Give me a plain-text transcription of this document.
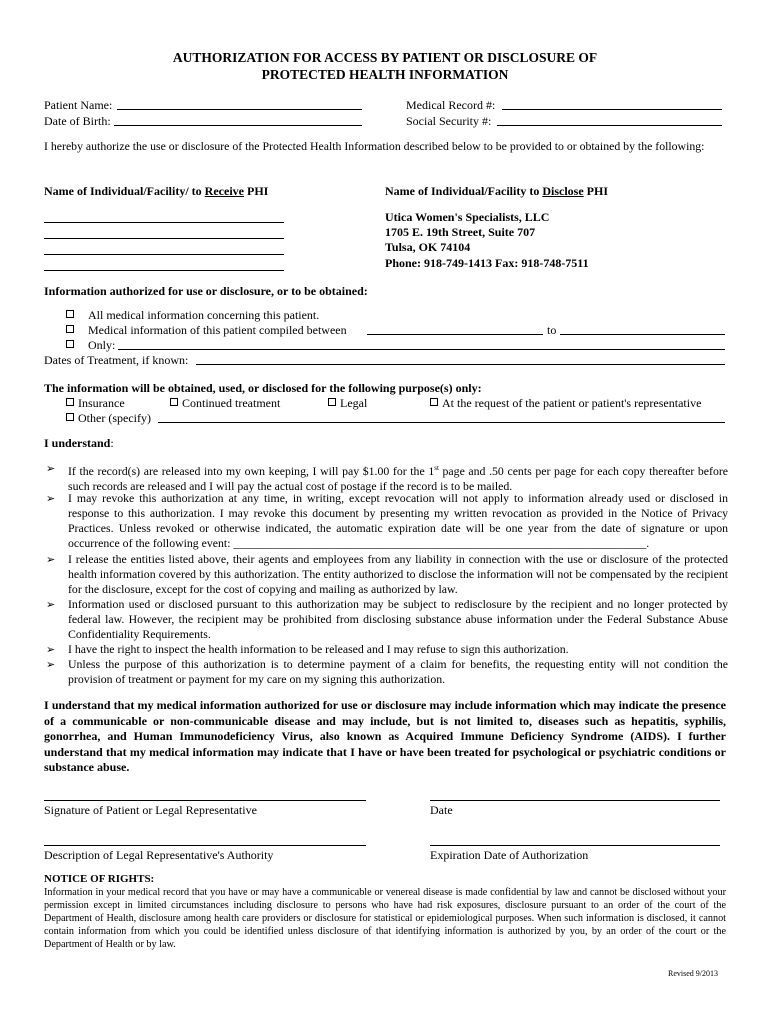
AUTHORIZATION FOR ACCESS BY PATIENT OR DISCLOSURE OF
PROTECTED HEALTH INFORMATION
Patient Name:
Date of Birth:
Medical Record #:
Social Security #:
I hereby authorize the use or disclosure of the Protected Health Information described below to be provided to or obtained by the following:
Name of Individual/Facility/ to Receive PHI	Name of Individual/Facility to Disclose PHI
Utica Women's Specialists, LLC
1705 E. 19th Street, Suite 707
Tulsa, OK 74104
Phone: 918-749-1413 Fax: 918-748-7511
Information authorized for use or disclosure, or to be obtained:
All medical information concerning this patient.
Medical information of this patient compiled between	to
Only:
Dates of Treatment, if known:
The information will be obtained, used, or disclosed for the following purpose(s) only:
Insurance	Continued treatment	Legal	At the request of the patient or patient's representative
Other (specify)
I understand:
➢ If the record(s) are released into my own keeping, I will pay $1.00 for the 1st page and .50 cents per page for each copy thereafter before such records are released and I will pay the actual cost of postage if the record is to be mailed.
➢ I may revoke this authorization at any time, in writing, except revocation will not apply to information already used or disclosed in response to this authorization. I may revoke this document by presenting my written revocation as provided in the Notice of Privacy Practices. Unless revoked or otherwise indicated, the automatic expiration date will be one year from the date of signature or upon occurrence of the following event: ______________________________________________________________________.
➢ I release the entities listed above, their agents and employees from any liability in connection with the use or disclosure of the protected health information covered by this authorization. The entity authorized to disclose the information will not be compensated by the recipient for the disclosure, except for the cost of copying and mailing as authorized by law.
➢ Information used or disclosed pursuant to this authorization may be subject to redisclosure by the recipient and no longer protected by federal law. However, the recipient may be prohibited from disclosing substance abuse information under the Federal Substance Abuse Confidentiality Requirements.
➢ I have the right to inspect the health information to be released and I may refuse to sign this authorization.
➢ Unless the purpose of this authorization is to determine payment of a claim for benefits, the requesting entity will not condition the provision of treatment or payment for my care on my signing this authorization.
I understand that my medical information authorized for use or disclosure may include information which may indicate the presence of a communicable or non-communicable disease and may include, but is not limited to, diseases such as hepatitis, syphilis, gonorrhea, and Human Immunodeficiency Virus, also known as Acquired Immune Deficiency Syndrome (AIDS). I further understand that my medical information may indicate that I have or have been treated for psychological or psychiatric conditions or substance abuse.
Signature of Patient or Legal Representative	Date
Description of Legal Representative's Authority	Expiration Date of Authorization
NOTICE OF RIGHTS:
Information in your medical record that you have or may have a communicable or venereal disease is made confidential by law and cannot be disclosed without your permission except in limited circumstances including disclosure to persons who have had risk exposures, disclosure pursuant to an order of the court of the Department of Health, disclosure among health care providers or disclosure for statistical or epidemiological purposes. When such information is disclosed, it cannot contain information from which you could be identified unless disclosure of that identifying information is authorized by you, by an order of the court or the Department of Health or by law.
Revised 9/2013
